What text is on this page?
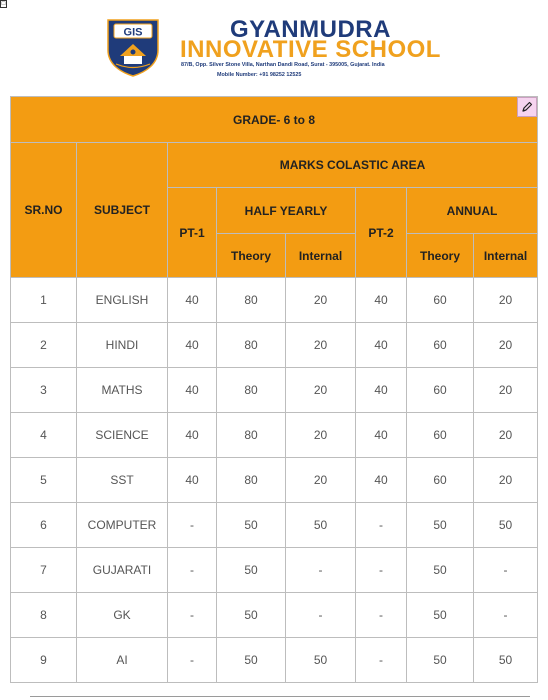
□
GIS	GYANMUDRA
INNOVATIVE SCHOOL
87/B, Opp. Silver Stone Villa, Narthan Dandi Road, Surat - 395005, Gujarat. India
Mobile Number: +91 98252 12525
GRADE- 6 to 8							

SR.NO	SUBJECT	MARKS COLASTIC AREA					
		PT-1	HALF YEARLY		PT-2	ANNUAL	
			Theory	Internal		Theory	Internal
1	ENGLISH	40	80	20	40	60	20
2	HINDI	40	80	20	40	60	20
3	MATHS	40	80	20	40	60	20
4	SCIENCE	40	80	20	40	60	20
5	SST	40	80	20	40	60	20
6	COMPUTER	-	50	50	-	50	50
7	GUJARATI	-	50	-	-	50	-
8	GK	-	50	-	-	50	-
9	AI	-	50	50	-	50	50
